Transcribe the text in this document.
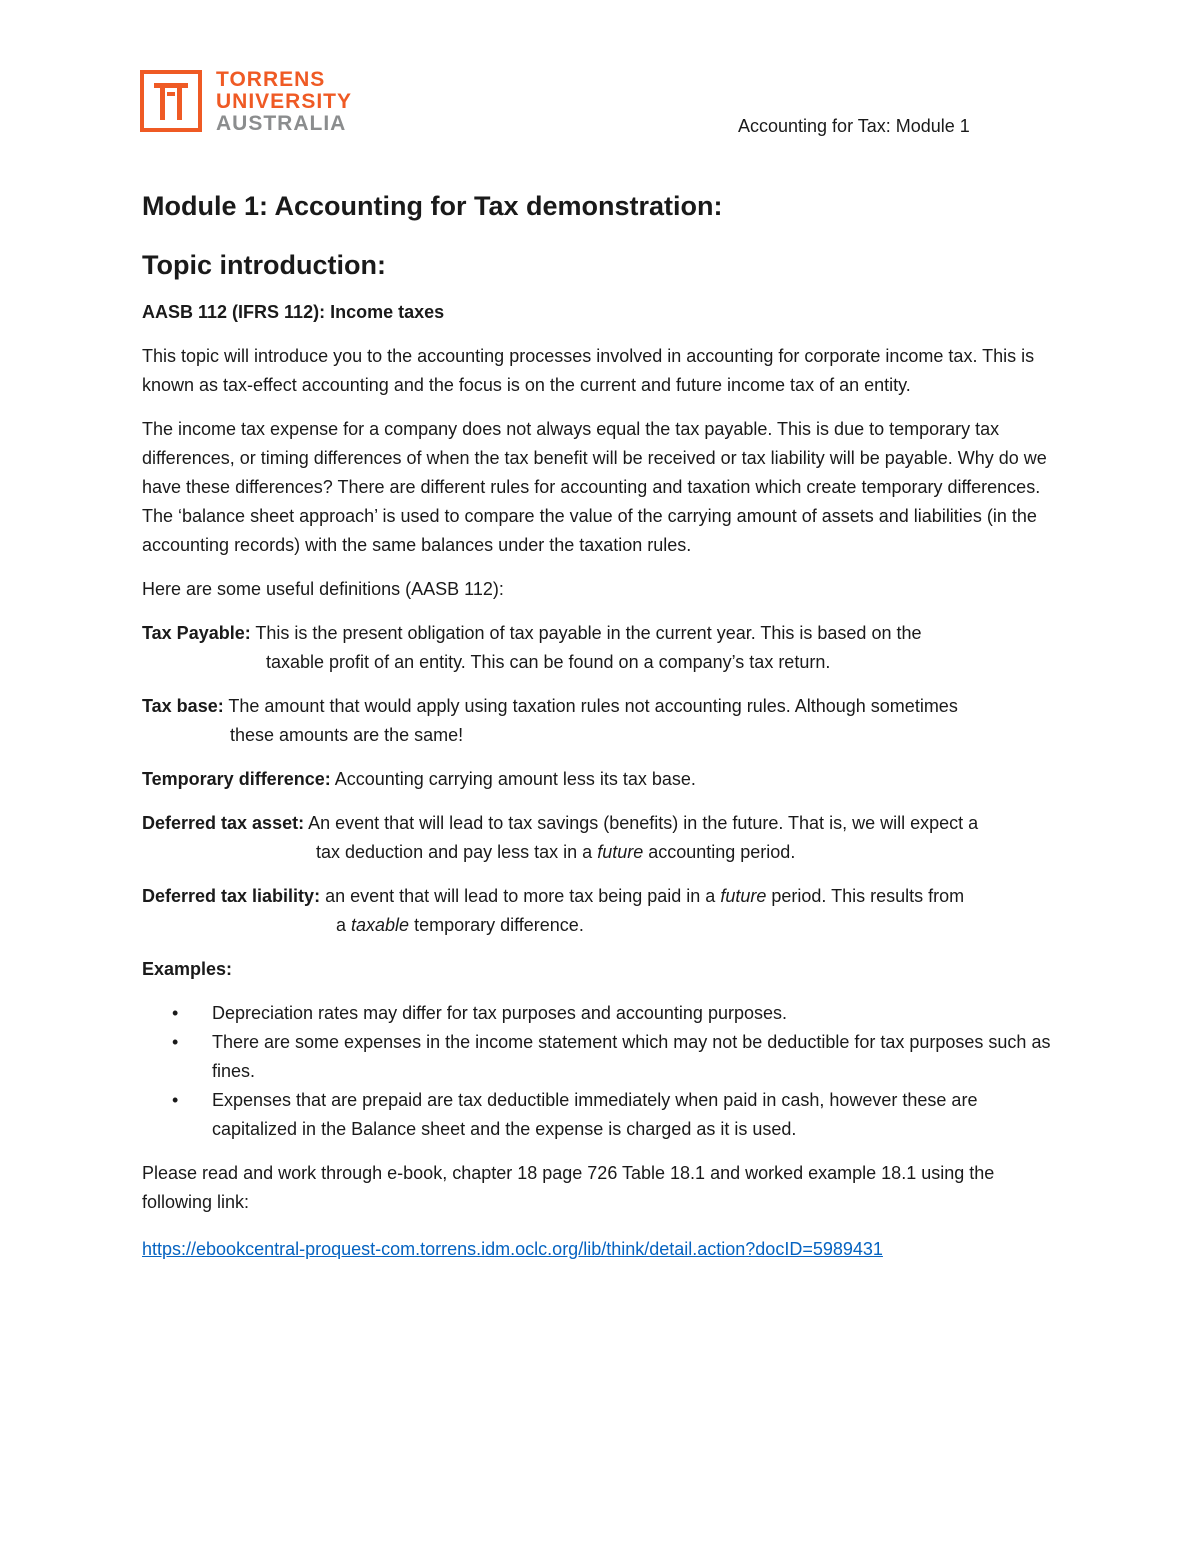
TORRENS
UNIVERSITY
AUSTRALIA	Accounting for Tax: Module 1
Module 1: Accounting for Tax demonstration:
Topic introduction:
AASB 112 (IFRS 112): Income taxes

This topic will introduce you to the accounting processes involved in accounting for corporate income tax. This is known as tax-effect accounting and the focus is on the current and future income tax of an entity.

The income tax expense for a company does not always equal the tax payable. This is due to temporary tax differences, or timing differences of when the tax benefit will be received or tax liability will be payable. Why do we have these differences? There are different rules for accounting and taxation which create temporary differences. The ‘balance sheet approach’ is used to compare the value of the carrying amount of assets and liabilities (in the accounting records) with the same balances under the taxation rules.

Here are some useful definitions (AASB 112):

Tax Payable: This is the present obligation of tax payable in the current year. This is based on the
taxable profit of an entity. This can be found on a company’s tax return.
Tax base: The amount that would apply using taxation rules not accounting rules. Although sometimes
these amounts are the same!
Temporary difference: Accounting carrying amount less its tax base.
Deferred tax asset: An event that will lead to tax savings (benefits) in the future. That is, we will expect a
tax deduction and pay less tax in a future accounting period.
Deferred tax liability: an event that will lead to more tax being paid in a future period. This results from
a taxable temporary difference.
Examples:
• Depreciation rates may differ for tax purposes and accounting purposes.
• There are some expenses in the income statement which may not be deductible for tax purposes such as fines.
• Expenses that are prepaid are tax deductible immediately when paid in cash, however these are capitalized in the Balance sheet and the expense is charged as it is used.

Please read and work through e-book, chapter 18 page 726 Table 18.1 and worked example 18.1 using the following link:

https://ebookcentral-proquest-com.torrens.idm.oclc.org/lib/think/detail.action?docID=5989431
